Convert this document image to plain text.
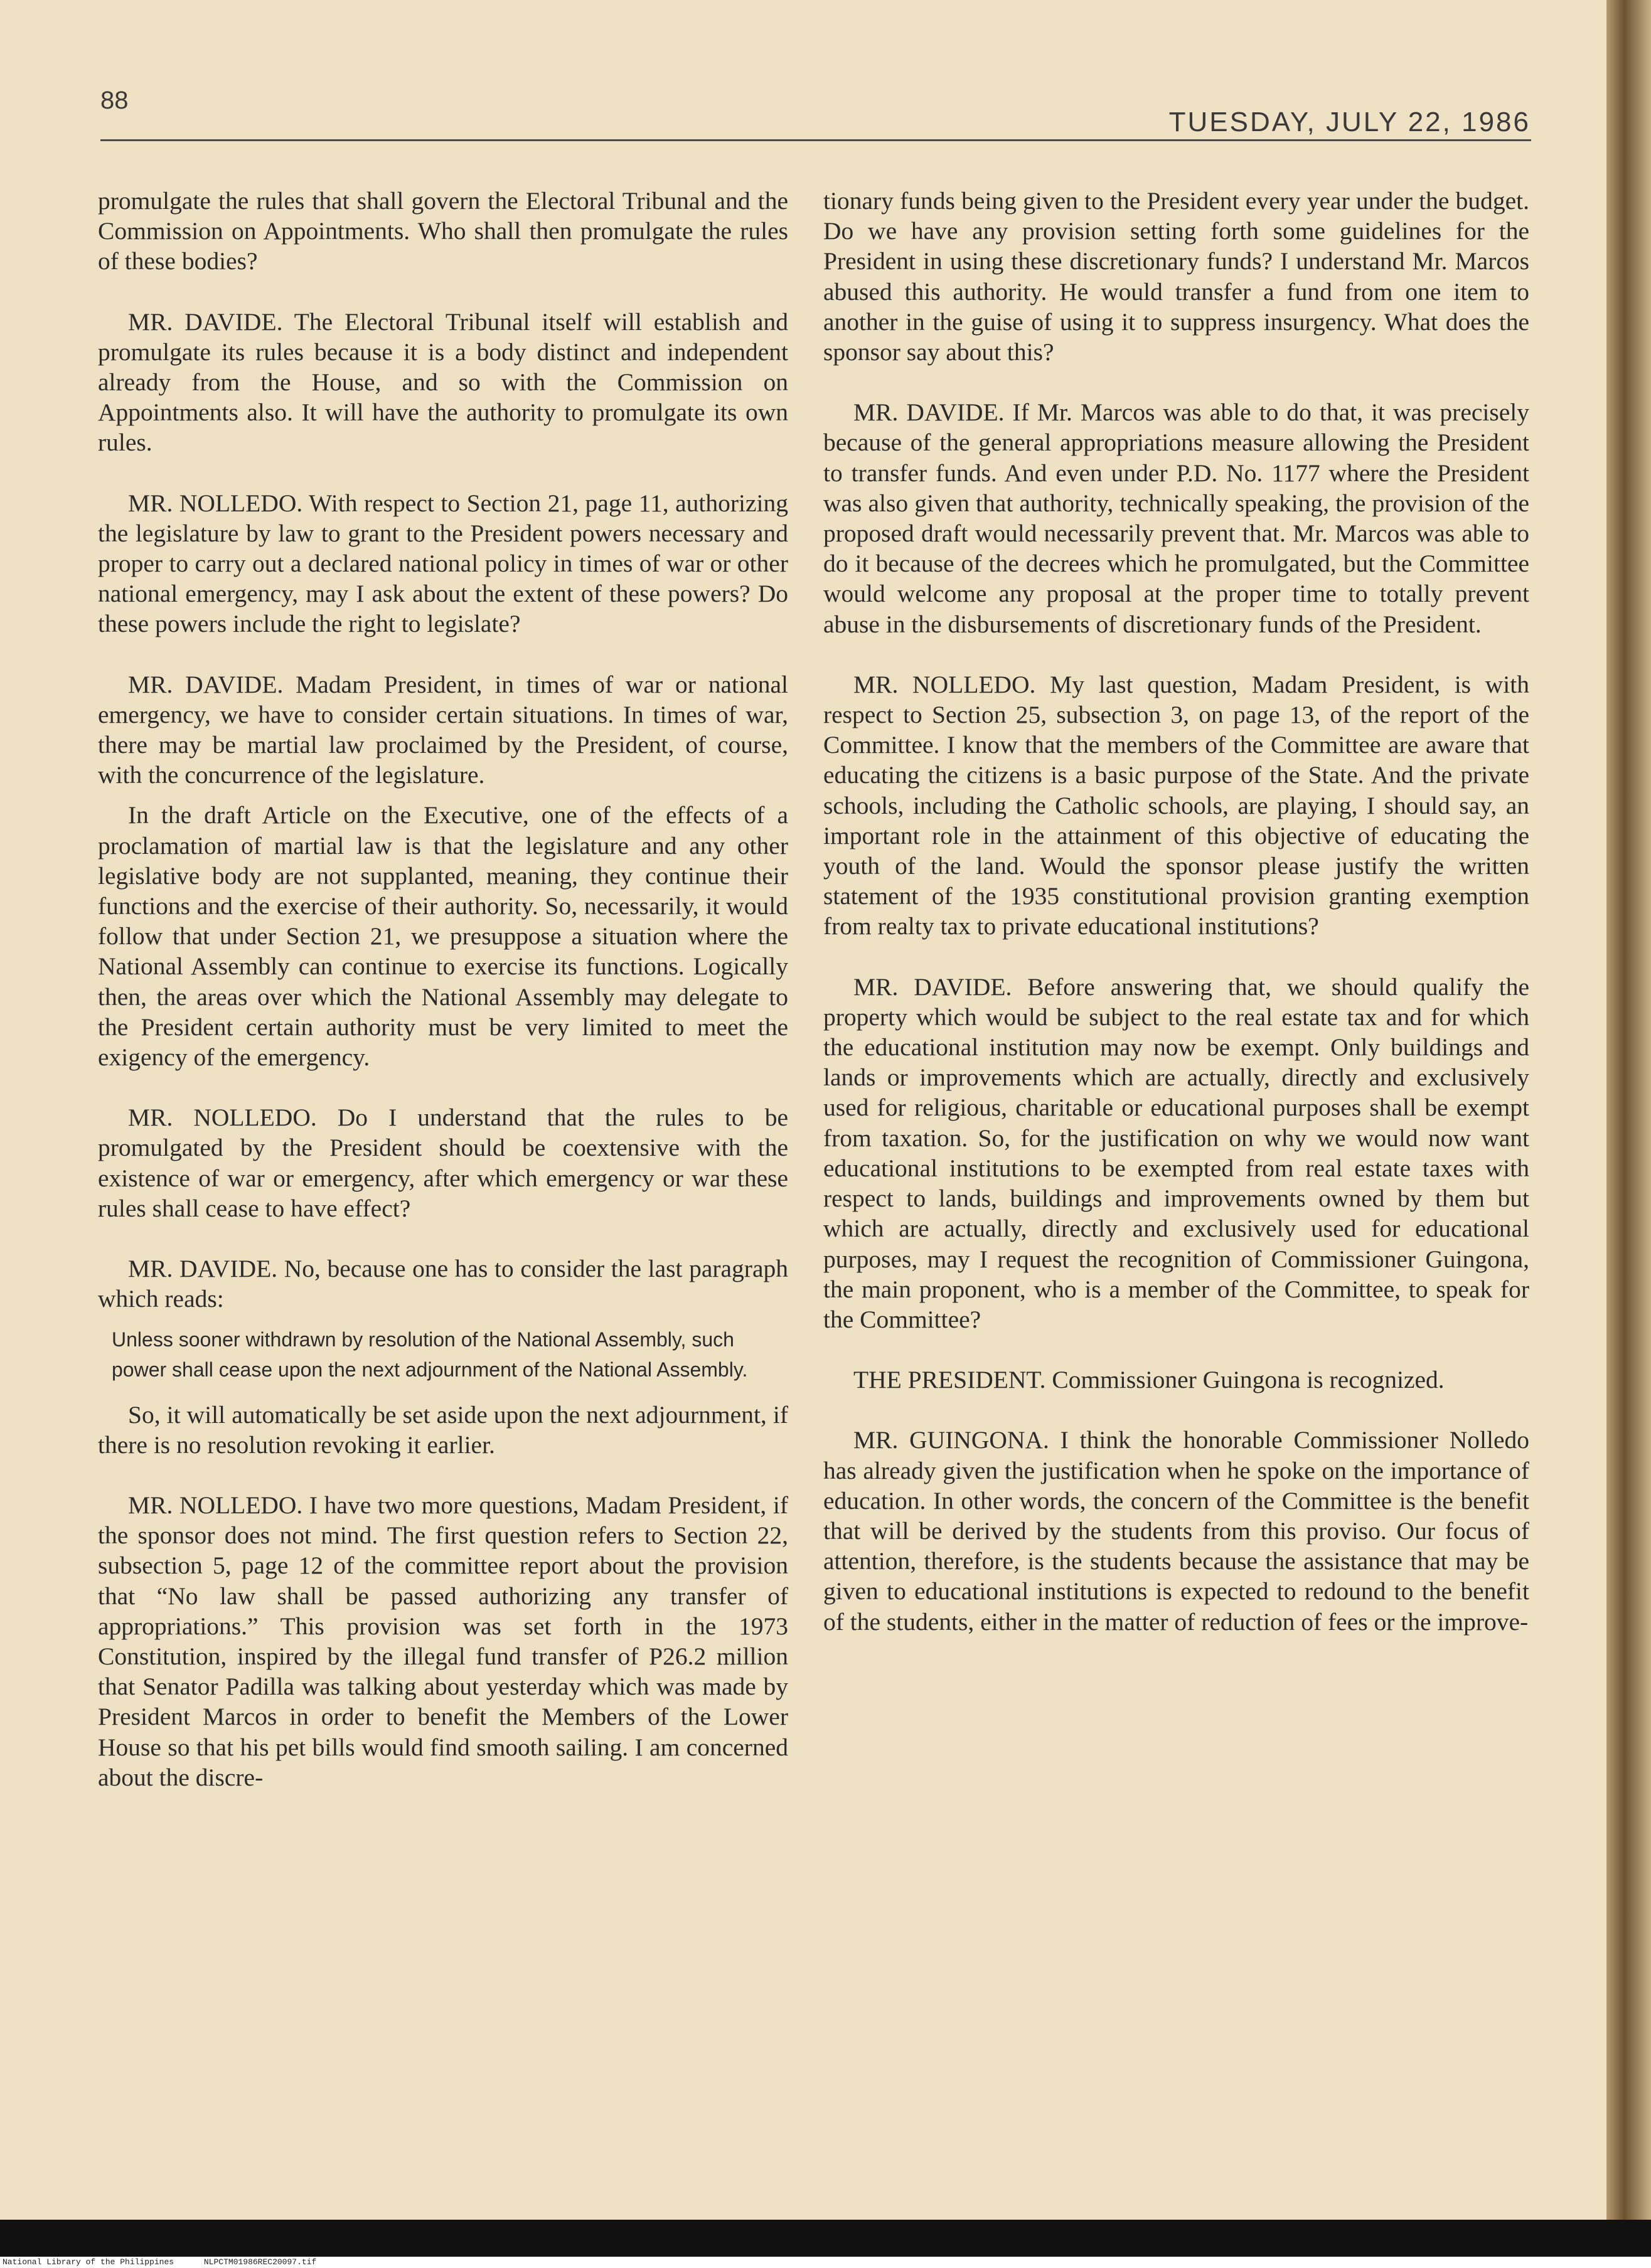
88
TUESDAY, JULY 22, 1986

promulgate the rules that shall govern the Electoral Tribunal and the Commission on Appointments. Who shall then promulgate the rules of these bodies?

MR. DAVIDE. The Electoral Tribunal itself will establish and promulgate its rules because it is a body distinct and independent already from the House, and so with the Commission on Appointments also. It will have the authority to promulgate its own rules.

MR. NOLLEDO. With respect to Section 21, page 11, authorizing the legislature by law to grant to the President powers necessary and proper to carry out a declared national policy in times of war or other national emergency, may I ask about the extent of these powers? Do these powers include the right to legislate?

MR. DAVIDE. Madam President, in times of war or national emergency, we have to consider certain situations. In times of war, there may be martial law proclaimed by the President, of course, with the concurrence of the legislature.

In the draft Article on the Executive, one of the effects of a proclamation of martial law is that the legislature and any other legislative body are not supplanted, meaning, they continue their functions and the exercise of their authority. So, necessarily, it would follow that under Section 21, we presuppose a situation where the National Assembly can continue to exercise its functions. Logically then, the areas over which the National Assembly may delegate to the President certain authority must be very limited to meet the exigency of the emergency.

MR. NOLLEDO. Do I understand that the rules to be promulgated by the President should be coextensive with the existence of war or emergency, after which emergency or war these rules shall cease to have effect?

MR. DAVIDE. No, because one has to consider the last paragraph which reads:

Unless sooner withdrawn by resolution of the National Assembly, such power shall cease upon the next adjournment of the National Assembly.

So, it will automatically be set aside upon the next adjournment, if there is no resolution revoking it earlier.

MR. NOLLEDO. I have two more questions, Madam President, if the sponsor does not mind. The first question refers to Section 22, subsection 5, page 12 of the committee report about the provision that “No law shall be passed authorizing any transfer of appropriations.” This provision was set forth in the 1973 Constitution, inspired by the illegal fund transfer of P26.2 million that Senator Padilla was talking about yesterday which was made by President Marcos in order to benefit the Members of the Lower House so that his pet bills would find smooth sailing. I am concerned about the discre-

tionary funds being given to the President every year under the budget. Do we have any provision setting forth some guidelines for the President in using these discretionary funds? I understand Mr. Marcos abused this authority. He would transfer a fund from one item to another in the guise of using it to suppress insurgency. What does the sponsor say about this?

MR. DAVIDE. If Mr. Marcos was able to do that, it was precisely because of the general appropriations measure allowing the President to transfer funds. And even under P.D. No. 1177 where the President was also given that authority, technically speaking, the provision of the proposed draft would necessarily prevent that. Mr. Marcos was able to do it because of the decrees which he promulgated, but the Committee would welcome any proposal at the proper time to totally prevent abuse in the disbursements of discretionary funds of the President.

MR. NOLLEDO. My last question, Madam President, is with respect to Section 25, subsection 3, on page 13, of the report of the Committee. I know that the members of the Committee are aware that educating the citizens is a basic purpose of the State. And the private schools, including the Catholic schools, are playing, I should say, an important role in the attainment of this objective of educating the youth of the land. Would the sponsor please justify the written statement of the 1935 constitutional provision granting exemption from realty tax to private educational institutions?

MR. DAVIDE. Before answering that, we should qualify the property which would be subject to the real estate tax and for which the educational institution may now be exempt. Only buildings and lands or improvements which are actually, directly and exclusively used for religious, charitable or educational purposes shall be exempt from taxation. So, for the justification on why we would now want educational institutions to be exempted from real estate taxes with respect to lands, buildings and improvements owned by them but which are actually, directly and exclusively used for educational purposes, may I request the recognition of Commissioner Guingona, the main proponent, who is a member of the Committee, to speak for the Committee?

THE PRESIDENT. Commissioner Guingona is recognized.

MR. GUINGONA. I think the honorable Commissioner Nolledo has already given the justification when he spoke on the importance of education. In other words, the concern of the Committee is the benefit that will be derived by the students from this proviso. Our focus of attention, therefore, is the students because the assistance that may be given to educational institutions is expected to redound to the benefit of the students, either in the matter of reduction of fees or the improve-

National Library of the Philippines	NLPCTM01986REC20097.tif
